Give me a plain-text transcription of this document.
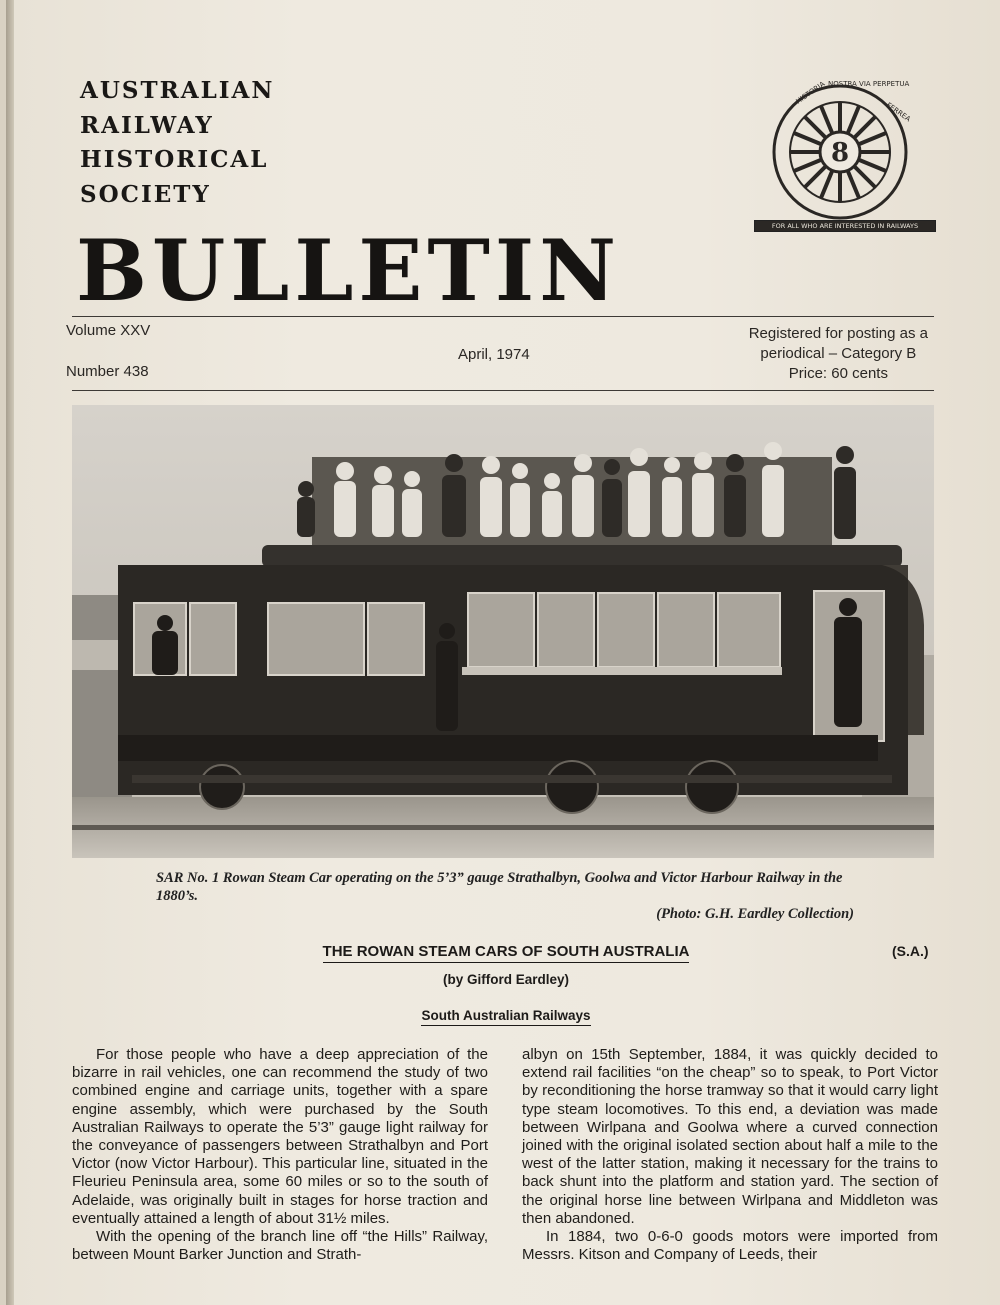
AUSTRALIAN
RAILWAY
HISTORICAL
SOCIETY
8
HISTORIA NOSTRA VIA PERPETUA
FERREA
FOR ALL WHO ARE INTERESTED IN RAILWAYS
BULLETIN
Volume XXV
Number 438
April, 1974
Registered for posting as a
periodical – Category B
Price: 60 cents
SAR No. 1 Rowan Steam Car operating on the 5’3” gauge Strathalbyn, Goolwa and Victor Harbour Railway in the 1880’s.
(Photo: G.H. Eardley Collection)
THE ROWAN STEAM CARS OF SOUTH AUSTRALIA	(S.A.)
(by Gifford Eardley)
South Australian Railways

For those people who have a deep appreciation of the bizarre in rail vehicles, one can recommend the study of two combined engine and carriage units, together with a spare engine assembly, which were purchased by the South Australian Railways to operate the 5’3” gauge light railway for the conveyance of passengers between Strathalbyn and Port Victor (now Victor Harbour). This particular line, situated in the Fleurieu Peninsula area, some 60 miles or so to the south of Adelaide, was originally built in stages for horse traction and eventually attained a length of about 31½ miles.

With the opening of the branch line off “the Hills” Railway, between Mount Barker Junction and Strath-

albyn on 15th September, 1884, it was quickly decided to extend rail facilities “on the cheap” so to speak, to Port Victor by reconditioning the horse tramway so that it would carry light type steam locomotives. To this end, a deviation was made between Wirlpana and Goolwa where a curved connection joined with the original isolated section about half a mile to the west of the latter station, making it necessary for the trains to back shunt into the platform and station yard. The section of the original horse line between Wirlpana and Middleton was then abandoned.

In 1884, two 0-6-0 goods motors were imported from Messrs. Kitson and Company of Leeds, their
